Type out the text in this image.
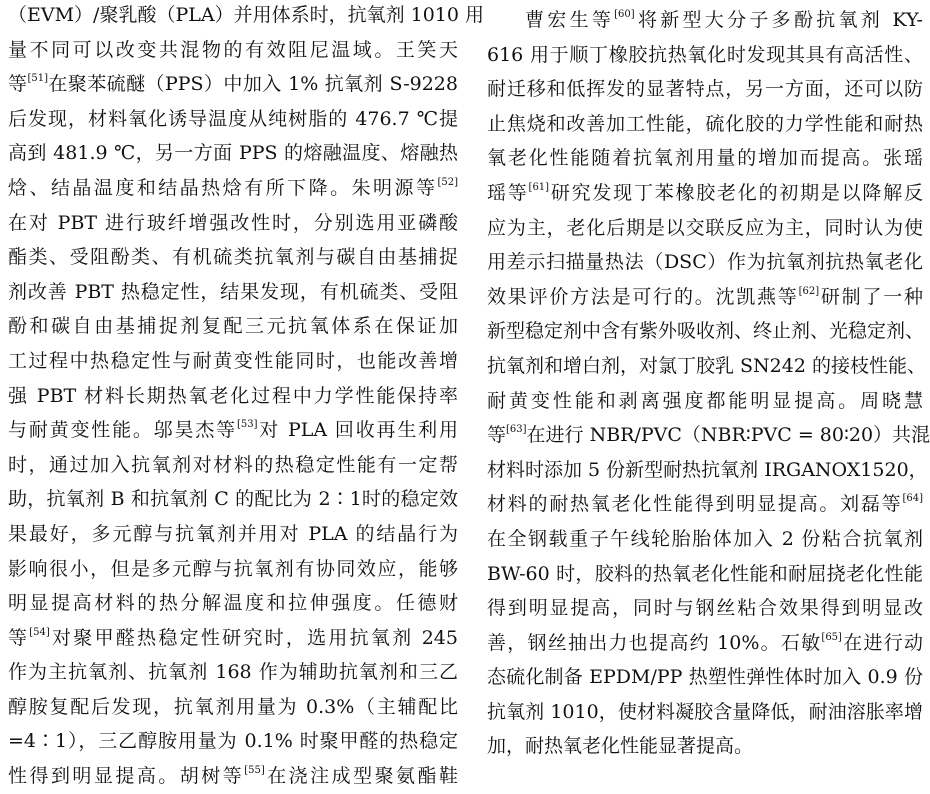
（EVM）/聚乳酸（PLA）并用体系时，抗氧剂 1010 用
量不同可以改变共混物的有效阻尼温域。王笑天
等[51]在聚苯硫醚（PPS）中加入 1% 抗氧剂 S-9228
后发现，材料氧化诱导温度从纯树脂的 476.7 ℃提
高到 481.9 ℃，另一方面 PPS 的熔融温度、熔融热
焓、结晶温度和结晶热焓有所下降。朱明源等[52]
在对 PBT 进行玻纤增强改性时，分别选用亚磷酸
酯类、受阻酚类、有机硫类抗氧剂与碳自由基捕捉
剂改善 PBT 热稳定性，结果发现，有机硫类、受阻
酚和碳自由基捕捉剂复配三元抗氧体系在保证加
工过程中热稳定性与耐黄变性能同时，也能改善增
强 PBT 材料长期热氧老化过程中力学性能保持率
与耐黄变性能。邬昊杰等[53]对 PLA 回收再生利用
时，通过加入抗氧剂对材料的热稳定性能有一定帮
助，抗氧剂 B 和抗氧剂 C 的配比为 2∶1时的稳定效
果最好，多元醇与抗氧剂并用对 PLA 的结晶行为
影响很小，但是多元醇与抗氧剂有协同效应，能够
明显提高材料的热分解温度和拉伸强度。任德财
等[54]对聚甲醛热稳定性研究时，选用抗氧剂 245
作为主抗氧剂、抗氧剂 168 作为辅助抗氧剂和三乙
醇胺复配后发现，抗氧剂用量为 0.3%（主辅配比
=4∶1），三乙醇胺用量为 0.1% 时聚甲醛的热稳定
性得到明显提高。胡树等[55]在浇注成型聚氨酯鞋
曹宏生等[60]将新型大分子多酚抗氧剂 KY-
616 用于顺丁橡胶抗热氧化时发现其具有高活性、
耐迁移和低挥发的显著特点，另一方面，还可以防
止焦烧和改善加工性能，硫化胶的力学性能和耐热
氧老化性能随着抗氧剂用量的增加而提高。张瑶
瑶等[61]研究发现丁苯橡胶老化的初期是以降解反
应为主，老化后期是以交联反应为主，同时认为使
用差示扫描量热法（DSC）作为抗氧剂抗热氧老化
效果评价方法是可行的。沈凯燕等[62]研制了一种
新型稳定剂中含有紫外吸收剂、终止剂、光稳定剂、
抗氧剂和增白剂，对氯丁胶乳 SN242 的接枝性能、
耐黄变性能和剥离强度都能明显提高。周晓慧
等[63]在进行 NBR/PVC（NBR∶PVC = 80∶20）共混
材料时添加 5 份新型耐热抗氧剂 IRGANOX1520，
材料的耐热氧老化性能得到明显提高。刘磊等[64]
在全钢载重子午线轮胎胎体加入 2 份粘合抗氧剂
BW-60 时，胶料的热氧老化性能和耐屈挠老化性能
得到明显提高，同时与钢丝粘合效果得到明显改
善，钢丝抽出力也提高约 10%。石敏[65]在进行动
态硫化制备 EPDM/PP 热塑性弹性体时加入 0.9 份
抗氧剂 1010，使材料凝胶含量降低，耐油溶胀率增
加，耐热氧老化性能显著提高。
